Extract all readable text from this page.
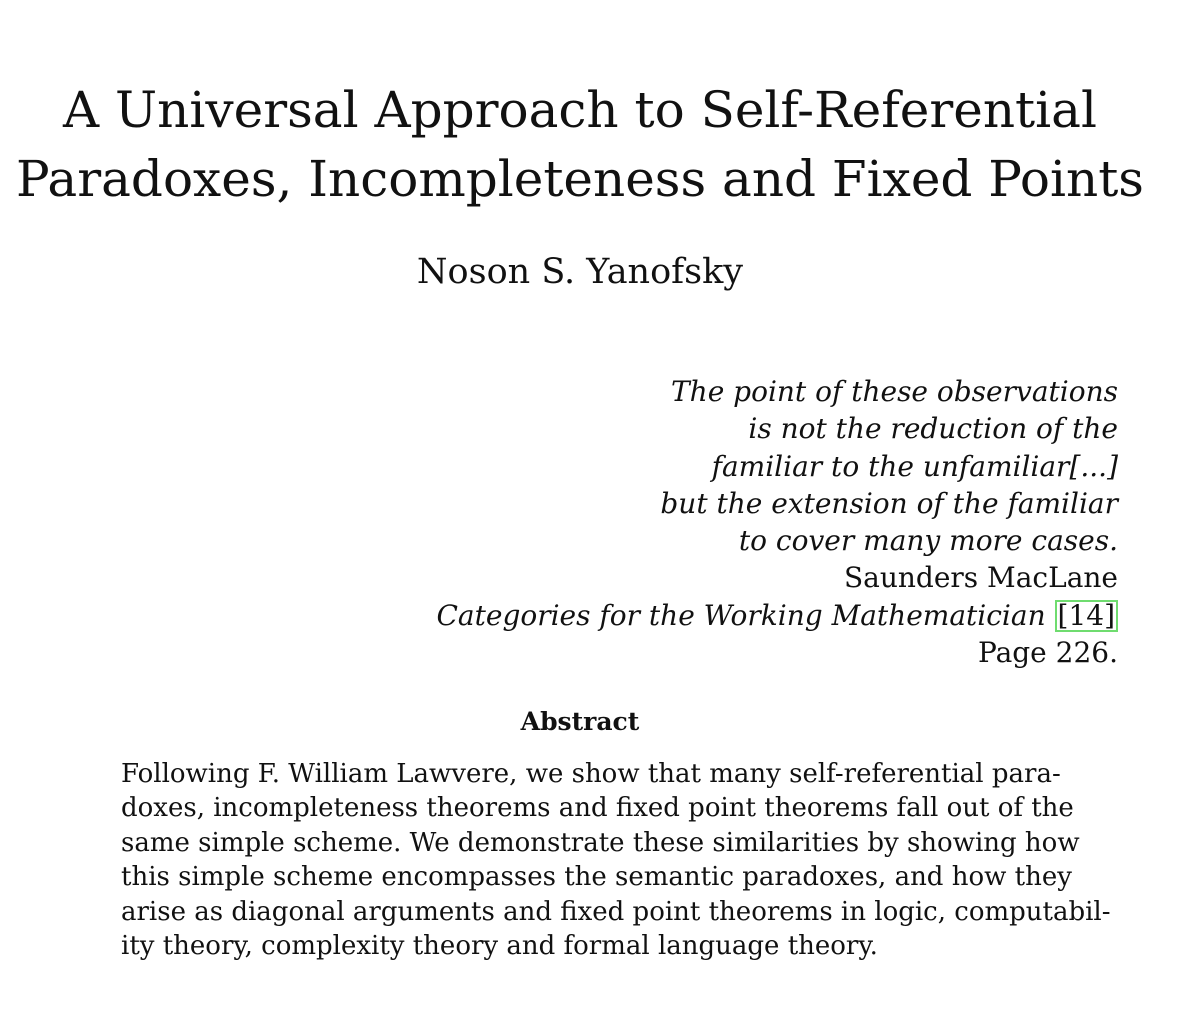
A Universal Approach to Self-Referential
Paradoxes, Incompleteness and Fixed Points
Noson S. Yanofsky
The point of these observations
is not the reduction of the
familiar to the unfamiliar[...]
but the extension of the familiar
to cover many more cases.
Saunders MacLane
Categories for the Working Mathematician [14]
Page 226.
Abstract
Following F. William Lawvere, we show that many self-referential para-
doxes, incompleteness theorems and fixed point theorems fall out of the
same simple scheme. We demonstrate these similarities by showing how
this simple scheme encompasses the semantic paradoxes, and how they
arise as diagonal arguments and fixed point theorems in logic, computabil-
ity theory, complexity theory and formal language theory.
